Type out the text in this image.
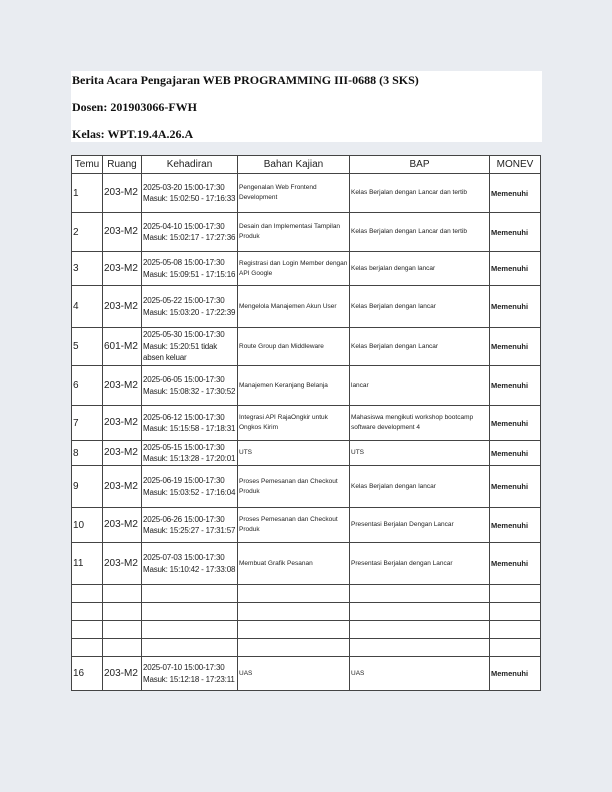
Berita Acara Pengajaran WEB PROGRAMMING III-0688 (3 SKS)
Dosen: 201903066-FWH
Kelas: WPT.19.4A.26.A
Temu	Ruang	Kehadiran	Bahan Kajian	BAP	MONEV
1	203-M2	2025-03-20 15:00-17:30
Masuk: 15:02:50 - 17:16:33	Pengenalan Web Frontend Development	Kelas Berjalan dengan Lancar dan tertib	Memenuhi
2	203-M2	2025-04-10 15:00-17:30
Masuk: 15:02:17 - 17:27:36	Desain dan Implementasi Tampilan Produk	Kelas Berjalan dengan Lancar dan tertib	Memenuhi
3	203-M2	2025-05-08 15:00-17:30
Masuk: 15:09:51 - 17:15:16	Registrasi dan Login Member dengan API Google	Kelas berjalan dengan lancar	Memenuhi
4	203-M2	2025-05-22 15:00-17:30
Masuk: 15:03:20 - 17:22:39	Mengelola Manajemen Akun User	Kelas Berjalan dengan lancar	Memenuhi
5	601-M2	2025-05-30 15:00-17:30
Masuk: 15:20:51 tidak absen keluar	Route Group dan Middleware	Kelas Berjalan dengan Lancar	Memenuhi
6	203-M2	2025-06-05 15:00-17:30
Masuk: 15:08:32 - 17:30:52	Manajemen Keranjang Belanja	lancar	Memenuhi
7	203-M2	2025-06-12 15:00-17:30
Masuk: 15:15:58 - 17:18:31	Integrasi API RajaOngkir untuk Ongkos Kirim	Mahasiswa mengikuti workshop bootcamp software development 4	Memenuhi
8	203-M2	2025-05-15 15:00-17:30
Masuk: 15:13:28 - 17:20:01	UTS	UTS	Memenuhi
9	203-M2	2025-06-19 15:00-17:30
Masuk: 15:03:52 - 17:16:04	Proses Pemesanan dan Checkout Produk	Kelas Berjalan dengan lancar	Memenuhi
10	203-M2	2025-06-26 15:00-17:30
Masuk: 15:25:27 - 17:31:57	Proses Pemesanan dan Checkout Produk	Presentasi Berjalan Dengan Lancar	Memenuhi
11	203-M2	2025-07-03 15:00-17:30
Masuk: 15:10:42 - 17:33:08	Membuat Grafik Pesanan	Presentasi Berjalan dengan Lancar	Memenuhi

16	203-M2	2025-07-10 15:00-17:30
Masuk: 15:12:18 - 17:23:11	UAS	UAS	Memenuhi
